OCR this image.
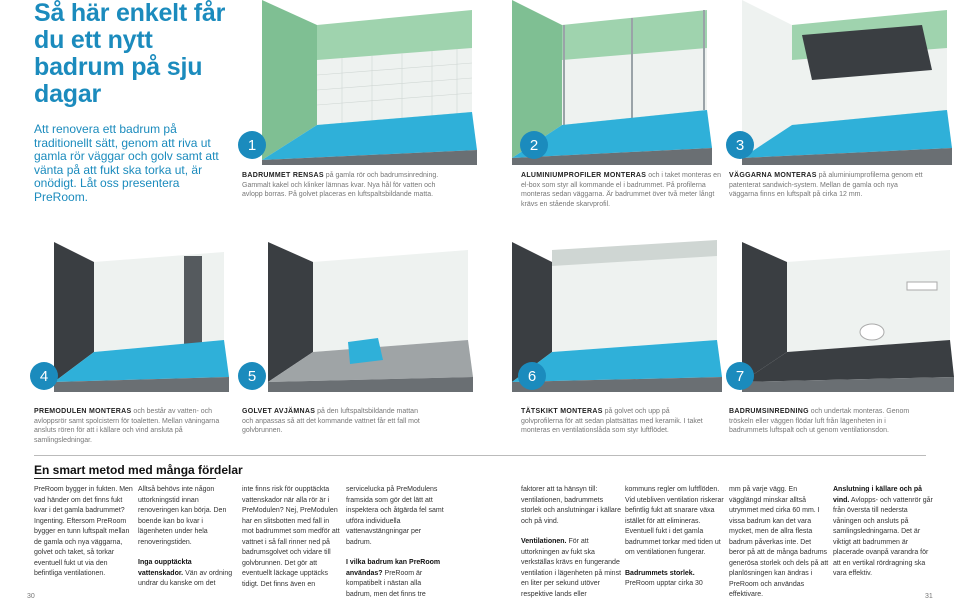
Så här enkelt får du ett nytt badrum på sju dagar
Att renovera ett badrum på traditionellt sätt, genom att riva ut gamla rör väggar och golv samt att vänta på att fukt ska torka ut, är onödigt. Låt oss presentera PreRoom.
1	2	3
4	5	6	7
BADRUMMET RENSAS på gamla rör och badrumsinredning. Gammalt kakel och klinker lämnas kvar. Nya hål för vatten och avlopp borras. På golvet placeras en luftspaltsbildande matta.
ALUMINIUMPROFILER MONTERAS och i taket monteras en el-box som styr all kommande el i badrummet. På profilerna monteras sedan väggarna. Är badrummet över två meter långt krävs en stående skarvprofil.
VÄGGARNA MONTERAS på aluminiumprofilerna genom ett patenterat sandwich-system. Mellan de gamla och nya väggarna finns en luftspalt på cirka 12 mm.
PREMODULEN MONTERAS och består av vatten- och avloppsrör samt spolcistern för toaletten. Mellan väningarna ansluts rören för att i källare och vind ansluta på samlingsledningar.
GOLVET AVJÄMNAS på den luftspaltsbildande mattan och anpassas så att det kommande vattnet får ett fall mot golvbrunnen.
TÄTSKIKT MONTERAS på golvet och upp på golvprofilerna för att sedan plattsättas med keramik. I taket monteras en ventilationslåda som styr luftflödet.
BADRUMSINREDNING och undertak monteras. Genom tröskeln eller väggen flödar luft från lägenheten in i badrummets luftspalt och ut genom ventilationsdon.
En smart metod med många fördelar

PreRoom bygger in fukten. Men vad händer om det finns fukt kvar i det gamla badrummet? Ingenting. Eftersom PreRoom bygger en tunn luftspalt mellan de gamla och nya väggarna, golvet och taket, så torkar eventuell fukt ut via den befintliga ventilationen.

Alltså behövs inte någon uttorkningstid innan renoveringen kan börja. Den boende kan bo kvar i lägenheten under hela renoveringstiden.

Inga oupptäckta vattenskador. Vän av ordning undrar du kanske om det

inte finns risk för oupptäckta vattenskador när alla rör är i PreModulen? Nej, PreModulen har en slitsbotten med fall in mot badrummet som medför att vattnet i så fall rinner ned på badrumsgolvet och vidare till golvbrunnen. Det gör att eventuellt läckage upptäcks tidigt. Det finns även en

servicelucka på PreModulens framsida som gör det lätt att inspektera och åtgärda fel samt utföra individuella vattenavstängningar per badrum.

I vilka badrum kan PreRoom användas? PreRoom är kompatibelt i nästan alla badrum, men det finns tre

faktorer att ta hänsyn till: ventilationen, badrummets storlek och anslutningar i källare och på vind.

Ventilationen. För att uttorkningen av fukt ska verkställas krävs en fungerande ventilation i lägenheten på minst en liter per sekund utöver respektive lands eller

kommuns regler om luftflöden. Vid utebliven ventilation riskerar befintlig fukt att snarare växa istället för att elimineras. Eventuell fukt i det gamla badrummet torkar med tiden ut om ventilationen fungerar.

Badrummets storlek. PreRoom upptar cirka 30

mm på varje vägg. En vägglängd minskar alltså utrymmet med cirka 60 mm. I vissa badrum kan det vara mycket, men de allra flesta badrum påverkas inte. Det beror på att de många badrums generösa storlek och dels på att planlösningen kan ändras i PreRoom och användas effektivare.

Anslutning i källare och på vind. Avlopps- och vattenrör går från översta till nedersta våningen och ansluts på samlingsledningarna. Det är viktigt att badrummen är placerade ovanpå varandra för att en vertikal rördragning ska vara effektiv.

30	31
